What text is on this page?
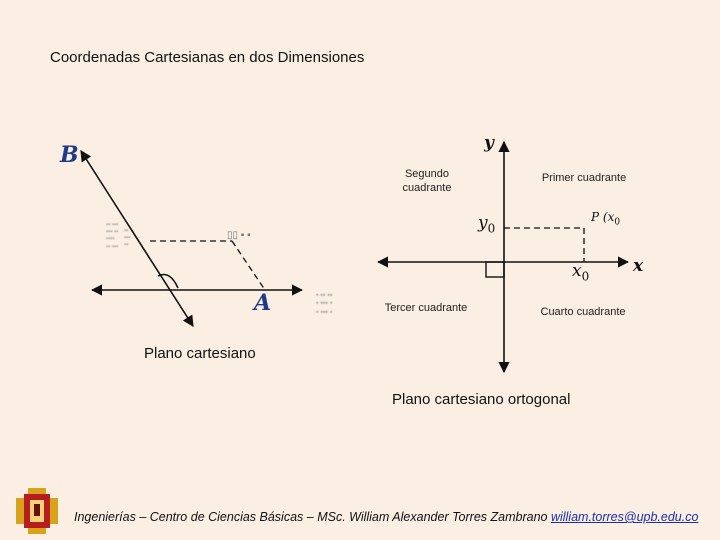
Coordenadas Cartesianas en dos Dimensiones
B
A
▪▪ ▪▪▪
▪▪▪ ▪▪
▪▪▪▪
▪▪ ▪▪▪
▪▪
▪▪▪
▪▪
▯▯ ▪ ▪
▪ ▪▪ ▪▪
▪ ▪▪▪ ▪
▪ ▪▪▪ ▪
Plano cartesiano
y
x
$y_0$
$x_0$
P ($x_0$
Segundo cuadrante
Primer cuadrante
Tercer cuadrante	Cuarto cuadrante
Plano cartesiano ortogonal
Ingenierías – Centro de Ciencias Básicas – MSc. William Alexander Torres Zambrano william.torres@upb.edu.co
